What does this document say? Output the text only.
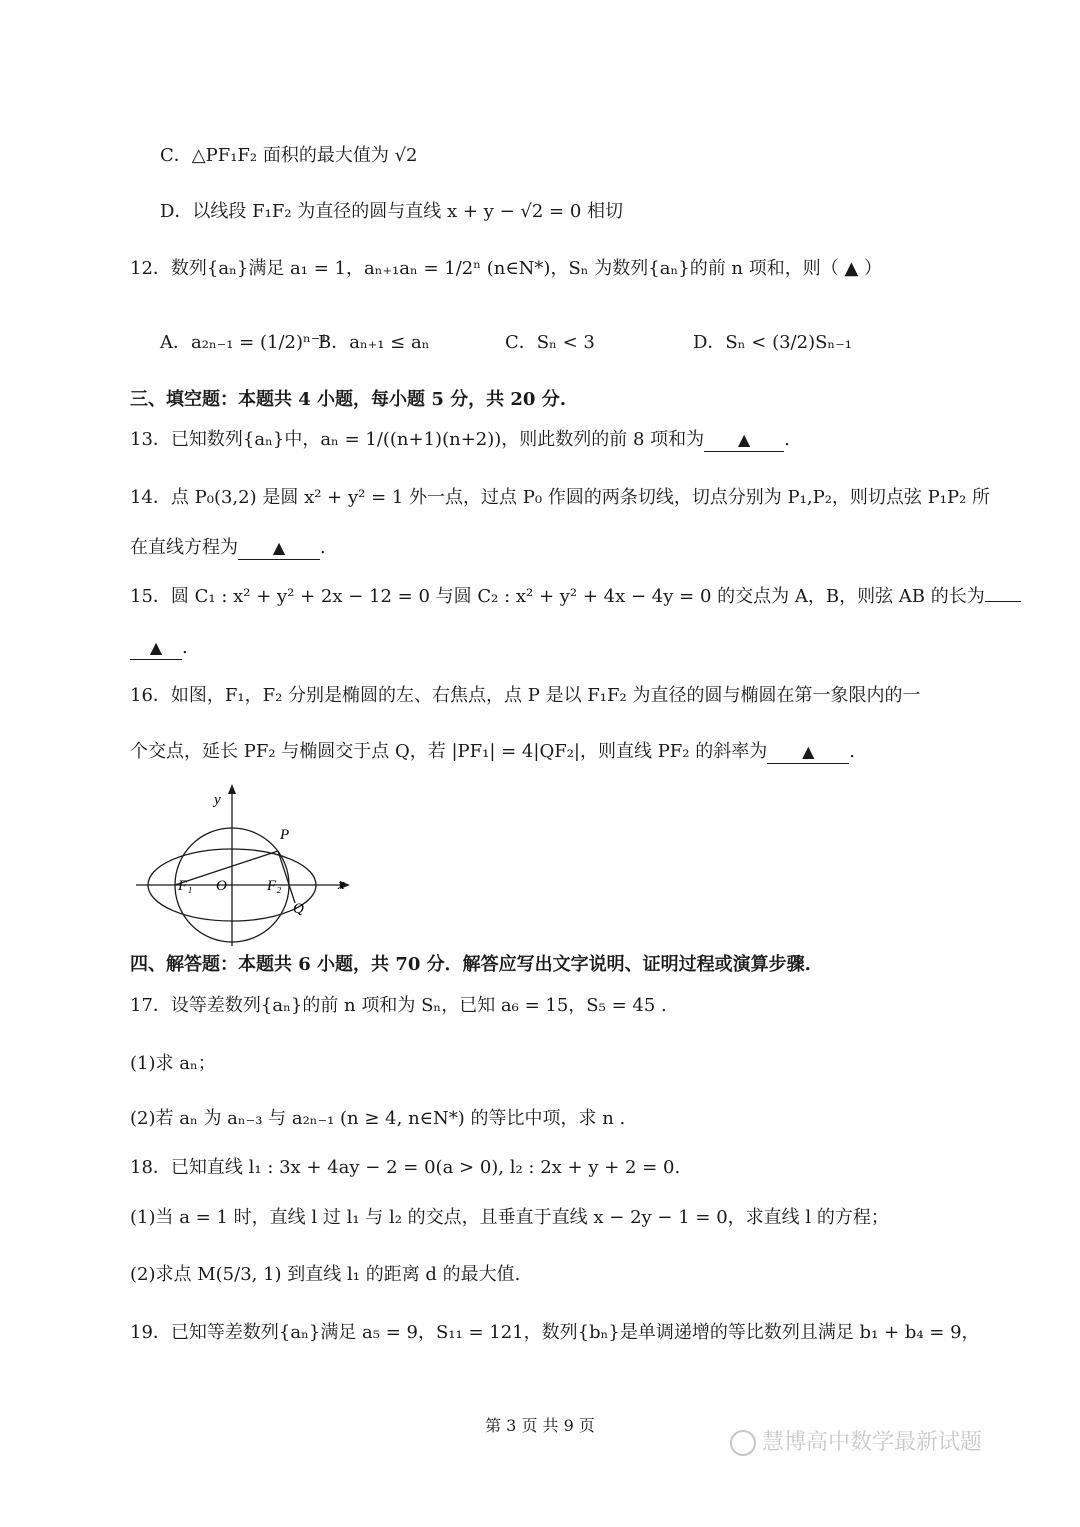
C．△PF₁F₂ 面积的最大值为 √2
D．以线段 F₁F₂ 为直径的圆与直线 x + y − √2 = 0 相切
12．数列{aₙ}满足 a₁ = 1，aₙ₊₁aₙ = 1/2ⁿ (n∈N*)，Sₙ 为数列{aₙ}的前 n 项和，则（ ▲ ）
A．a₂ₙ₋₁ = (1/2)ⁿ⁻¹
B．aₙ₊₁ ≤ aₙ	C．Sₙ < 3	D．Sₙ < (3/2)Sₙ₋₁
三、填空题：本题共 4 小题，每小题 5 分，共 20 分.
13．已知数列{aₙ}中，aₙ = 1/((n+1)(n+2))，则此数列的前 8 项和为 ▲ .
14．点 P₀(3,2) 是圆 x² + y² = 1 外一点，过点 P₀ 作圆的两条切线，切点分别为 P₁,P₂，则切点弦 P₁P₂ 所
在直线方程为 ▲ .
15．圆 C₁ : x² + y² + 2x − 12 = 0 与圆 C₂ : x² + y² + 4x − 4y = 0 的交点为 A，B，则弦 AB 的长为
▲ .
16．如图，F₁，F₂ 分别是椭圆的左、右焦点，点 P 是以 F₁F₂ 为直径的圆与椭圆在第一象限内的一
个交点，延长 PF₂ 与椭圆交于点 Q，若 |PF₁| = 4|QF₂|，则直线 PF₂ 的斜率为 ▲ .
y
x
O
F₁	F₂
P
Q
四、解答题：本题共 6 小题，共 70 分．解答应写出文字说明、证明过程或演算步骤.
17．设等差数列{aₙ}的前 n 项和为 Sₙ，已知 a₆ = 15，S₅ = 45 .
(1)求 aₙ；
(2)若 aₙ 为 aₙ₋₃ 与 a₂ₙ₋₁ (n ≥ 4, n∈N*) 的等比中项，求 n .
18．已知直线 l₁ : 3x + 4ay − 2 = 0(a > 0), l₂ : 2x + y + 2 = 0.
(1)当 a = 1 时，直线 l 过 l₁ 与 l₂ 的交点，且垂直于直线 x − 2y − 1 = 0，求直线 l 的方程；
(2)求点 M(5/3, 1) 到直线 l₁ 的距离 d 的最大值.
19．已知等差数列{aₙ}满足 a₅ = 9，S₁₁ = 121，数列{bₙ}是单调递增的等比数列且满足 b₁ + b₄ = 9，
第 3 页 共 9 页
慧博高中数学最新试题
